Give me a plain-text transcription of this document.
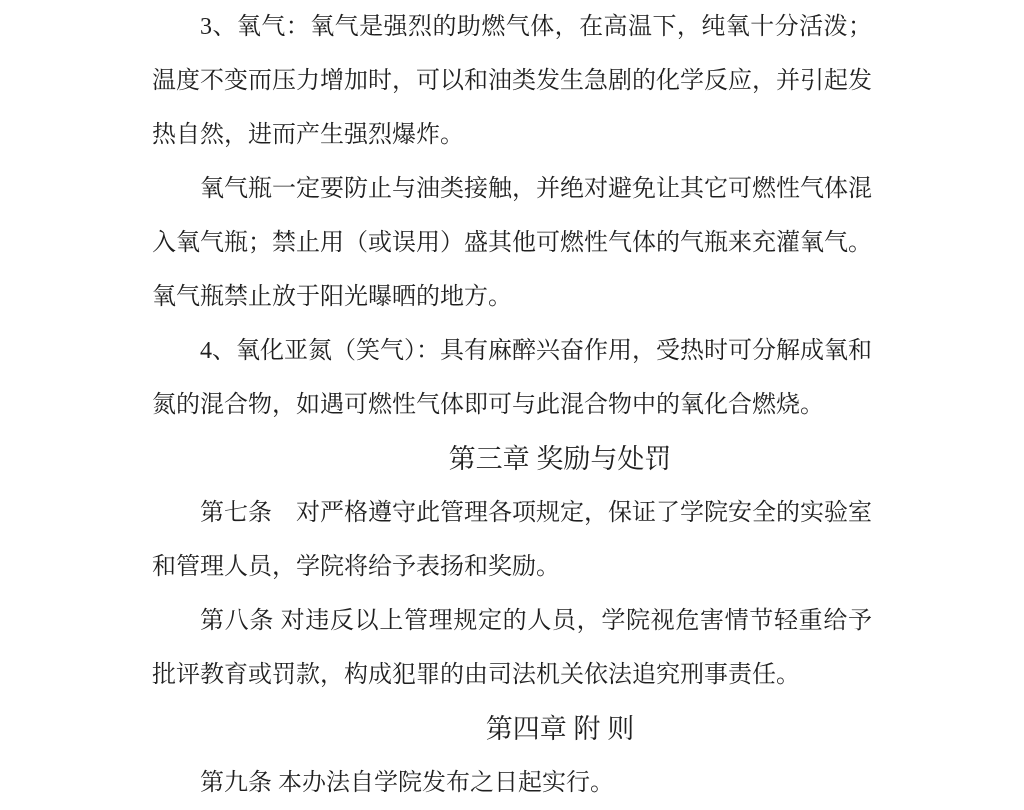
3、氧气：氧气是强烈的助燃气体，在高温下，纯氧十分活泼；温度不变而压力增加时，可以和油类发生急剧的化学反应，并引起发热自然，进而产生强烈爆炸。

氧气瓶一定要防止与油类接触，并绝对避免让其它可燃性气体混入氧气瓶；禁止用（或误用）盛其他可燃性气体的气瓶来充灌氧气。氧气瓶禁止放于阳光曝晒的地方。

4、氧化亚氮（笑气）：具有麻醉兴奋作用，受热时可分解成氧和氮的混合物，如遇可燃性气体即可与此混合物中的氧化合燃烧。

第三章 奖励与处罚

第七条　对严格遵守此管理各项规定，保证了学院安全的实验室和管理人员，学院将给予表扬和奖励。

第八条 对违反以上管理规定的人员，学院视危害情节轻重给予批评教育或罚款，构成犯罪的由司法机关依法追究刑事责任。

第四章 附 则

第九条 本办法自学院发布之日起实行。
